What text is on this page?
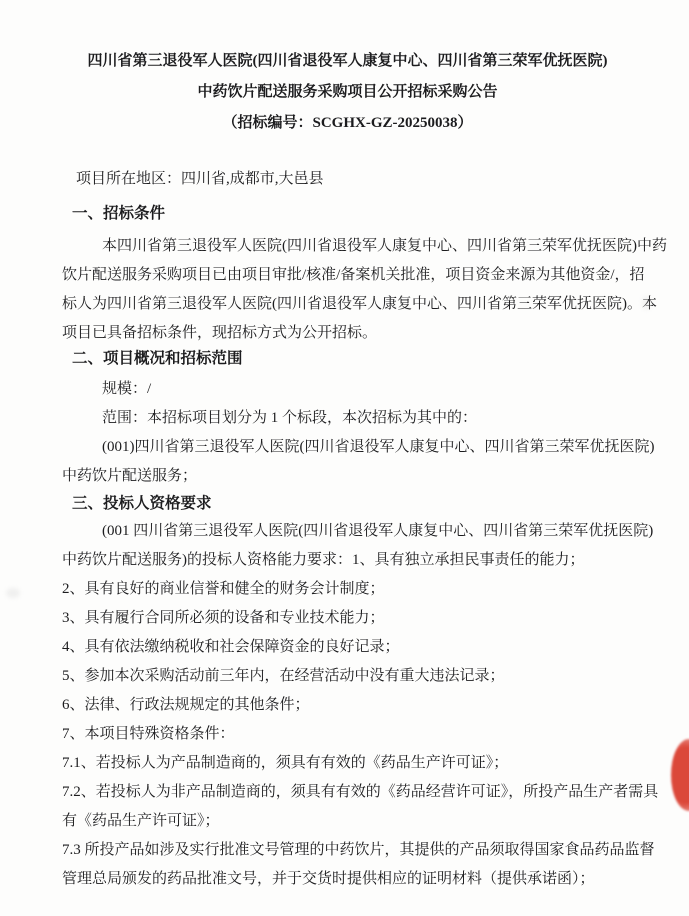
四川省第三退役军人医院(四川省退役军人康复中心、四川省第三荣军优抚医院)
中药饮片配送服务采购项目公开招标采购公告
（招标编号：SCGHX-GZ-20250038）
项目所在地区：四川省,成都市,大邑县
一、招标条件
本四川省第三退役军人医院(四川省退役军人康复中心、四川省第三荣军优抚医院)中药
饮片配送服务采购项目已由项目审批/核准/备案机关批准，项目资金来源为其他资金/，招
标人为四川省第三退役军人医院(四川省退役军人康复中心、四川省第三荣军优抚医院)。本
项目已具备招标条件，现招标方式为公开招标。
二、项目概况和招标范围
规模：/
范围：本招标项目划分为 1 个标段，本次招标为其中的：
(001)四川省第三退役军人医院(四川省退役军人康复中心、四川省第三荣军优抚医院)
中药饮片配送服务；
三、投标人资格要求
(001 四川省第三退役军人医院(四川省退役军人康复中心、四川省第三荣军优抚医院)
中药饮片配送服务)的投标人资格能力要求：1、具有独立承担民事责任的能力；
2、具有良好的商业信誉和健全的财务会计制度；
3、具有履行合同所必须的设备和专业技术能力；
4、具有依法缴纳税收和社会保障资金的良好记录；
5、参加本次采购活动前三年内，在经营活动中没有重大违法记录；
6、法律、行政法规规定的其他条件；
7、本项目特殊资格条件：
7.1、若投标人为产品制造商的，须具有有效的《药品生产许可证》；
7.2、若投标人为非产品制造商的，须具有有效的《药品经营许可证》，所投产品生产者需具
有《药品生产许可证》；
7.3 所投产品如涉及实行批准文号管理的中药饮片，其提供的产品须取得国家食品药品监督
管理总局颁发的药品批准文号，并于交货时提供相应的证明材料（提供承诺函）；
